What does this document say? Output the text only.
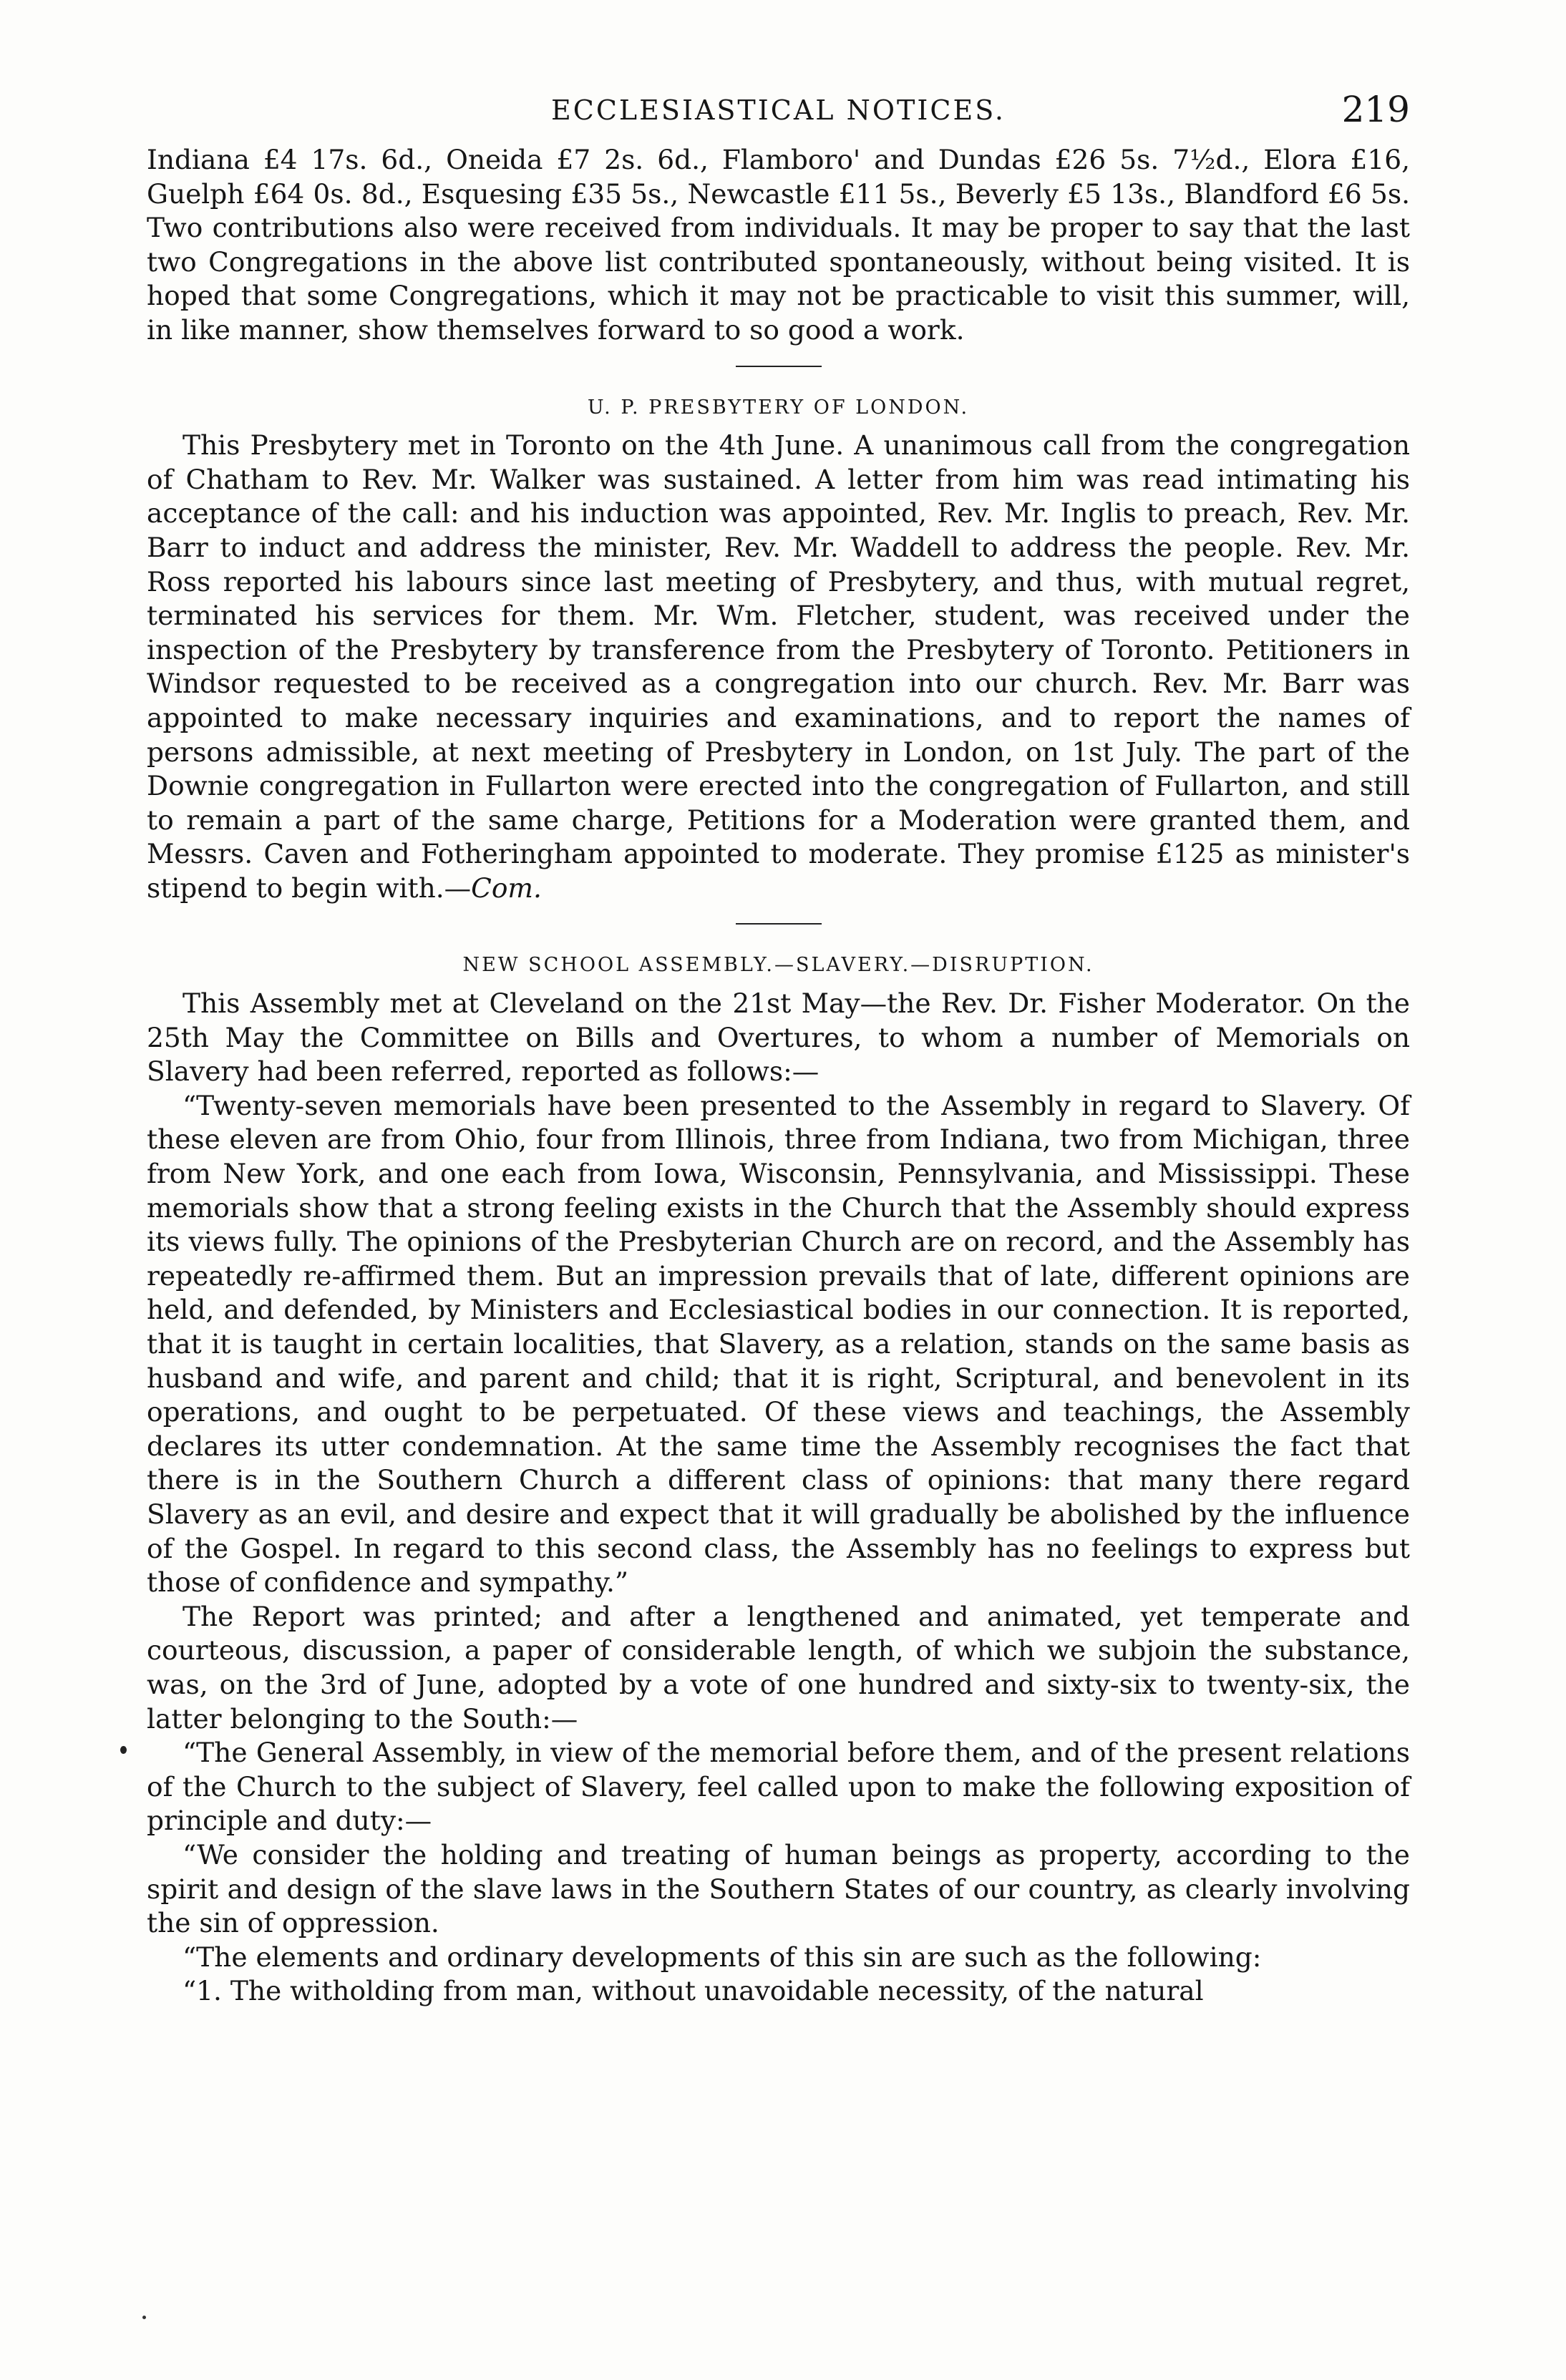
ECCLESIASTICAL NOTICES.	219

Indiana £4 17s. 6d., Oneida £7 2s. 6d., Flamboro' and Dundas £26 5s. 7½d., Elora £16, Guelph £64 0s. 8d., Esquesing £35 5s., Newcastle £11 5s., Beverly £5 13s., Blandford £6 5s. Two contributions also were received from individuals. It may be proper to say that the last two Congregations in the above list contributed spontaneously, without being visited. It is hoped that some Congregations, which it may not be practicable to visit this summer, will, in like manner, show themselves forward to so good a work.

U. P. PRESBYTERY OF LONDON.

This Presbytery met in Toronto on the 4th June. A unanimous call from the congregation of Chatham to Rev. Mr. Walker was sustained. A letter from him was read intimating his acceptance of the call: and his induction was appointed, Rev. Mr. Inglis to preach, Rev. Mr. Barr to induct and address the minister, Rev. Mr. Waddell to address the people. Rev. Mr. Ross reported his labours since last meeting of Presbytery, and thus, with mutual regret, terminated his services for them. Mr. Wm. Fletcher, student, was received under the inspection of the Presbytery by transference from the Presbytery of Toronto. Petitioners in Windsor requested to be received as a congregation into our church. Rev. Mr. Barr was appointed to make necessary inquiries and examinations, and to report the names of persons admissible, at next meeting of Presbytery in London, on 1st July. The part of the Downie congregation in Fullarton were erected into the congregation of Fullarton, and still to remain a part of the same charge, Petitions for a Moderation were granted them, and Messrs. Caven and Fotheringham appointed to moderate. They promise £125 as minister's stipend to begin with.—Com.

NEW SCHOOL ASSEMBLY.—SLAVERY.—DISRUPTION.

This Assembly met at Cleveland on the 21st May—the Rev. Dr. Fisher Moderator. On the 25th May the Committee on Bills and Overtures, to whom a number of Memorials on Slavery had been referred, reported as follows:—

“Twenty-seven memorials have been presented to the Assembly in regard to Slavery. Of these eleven are from Ohio, four from Illinois, three from Indiana, two from Michigan, three from New York, and one each from Iowa, Wisconsin, Pennsylvania, and Mississippi. These memorials show that a strong feeling exists in the Church that the Assembly should express its views fully. The opinions of the Presbyterian Church are on record, and the Assembly has repeatedly re-affirmed them. But an impression prevails that of late, different opinions are held, and defended, by Ministers and Ecclesiastical bodies in our connection. It is reported, that it is taught in certain localities, that Slavery, as a relation, stands on the same basis as husband and wife, and parent and child; that it is right, Scriptural, and benevolent in its operations, and ought to be perpetuated. Of these views and teachings, the Assembly declares its utter condemnation. At the same time the Assembly recognises the fact that there is in the Southern Church a different class of opinions: that many there regard Slavery as an evil, and desire and expect that it will gradually be abolished by the influence of the Gospel. In regard to this second class, the Assembly has no feelings to express but those of confidence and sympathy.”

The Report was printed; and after a lengthened and animated, yet temperate and courteous, discussion, a paper of considerable length, of which we subjoin the substance, was, on the 3rd of June, adopted by a vote of one hundred and sixty-six to twenty-six, the latter belonging to the South:—

“The General Assembly, in view of the memorial before them, and of the present relations of the Church to the subject of Slavery, feel called upon to make the following exposition of principle and duty:—

“We consider the holding and treating of human beings as property, according to the spirit and design of the slave laws in the Southern States of our country, as clearly involving the sin of oppression.

“The elements and ordinary developments of this sin are such as the following:

“1. The witholding from man, without unavoidable necessity, of the natural
